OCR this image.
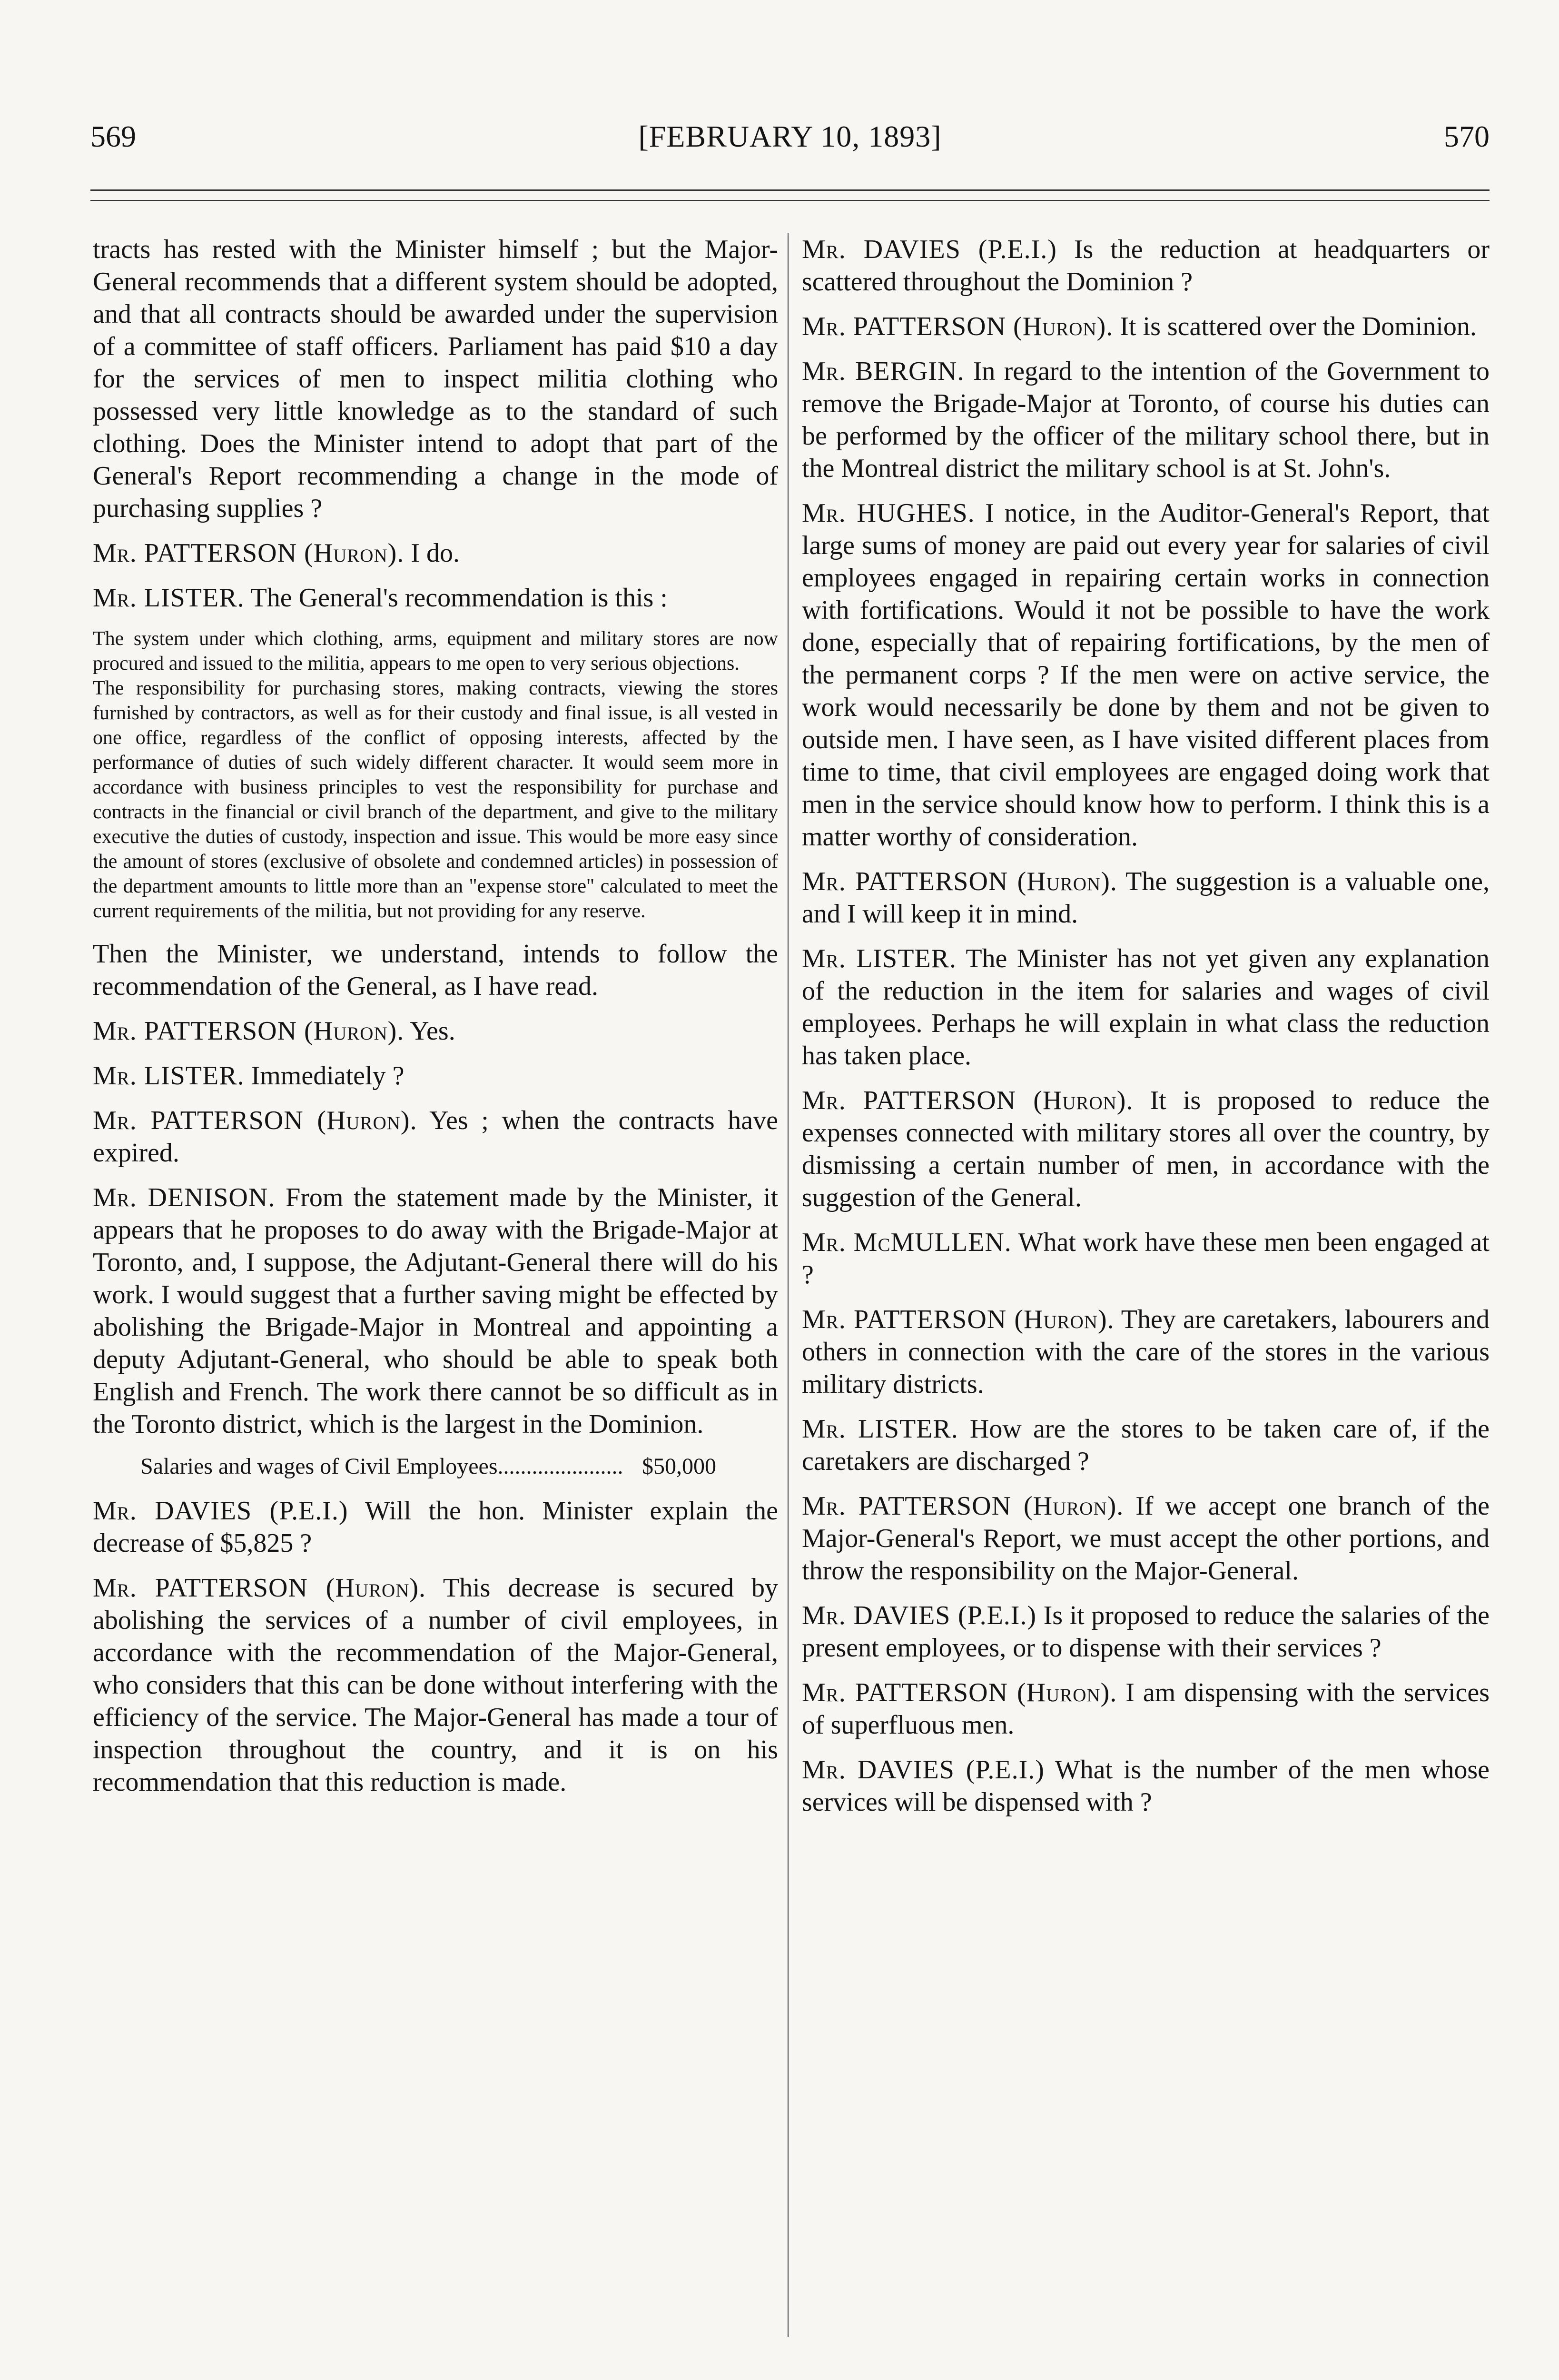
569	[FEBRUARY 10, 1893]	570

tracts has rested with the Minister himself ; but the Major-General recommends that a different system should be adopted, and that all contracts should be awarded under the supervision of a committee of staff officers. Parliament has paid $10 a day for the services of men to inspect militia clothing who possessed very little knowledge as to the standard of such clothing. Does the Minister intend to adopt that part of the General's Report recommending a change in the mode of purchasing supplies ?

Mr. PATTERSON (Huron). I do.

Mr. LISTER. The General's recommendation is this :

The system under which clothing, arms, equipment and military stores are now procured and issued to the militia, appears to me open to very serious objections.

The responsibility for purchasing stores, making contracts, viewing the stores furnished by contractors, as well as for their custody and final issue, is all vested in one office, regardless of the conflict of opposing interests, affected by the performance of duties of such widely different character. It would seem more in accordance with business principles to vest the responsibility for purchase and contracts in the financial or civil branch of the department, and give to the military executive the duties of custody, inspection and issue. This would be more easy since the amount of stores (exclusive of obsolete and condemned articles) in possession of the department amounts to little more than an "expense store" calculated to meet the current requirements of the militia, but not providing for any reserve.

Then the Minister, we understand, intends to follow the recommendation of the General, as I have read.

Mr. PATTERSON (Huron). Yes.

Mr. LISTER. Immediately ?

Mr. PATTERSON (Huron). Yes ; when the contracts have expired.

Mr. DENISON. From the statement made by the Minister, it appears that he proposes to do away with the Brigade-Major at Toronto, and, I suppose, the Adjutant-General there will do his work. I would suggest that a further saving might be effected by abolishing the Brigade-Major in Montreal and appointing a deputy Adjutant-General, who should be able to speak both English and French. The work there cannot be so difficult as in the Toronto district, which is the largest in the Dominion.

Salaries and wages of Civil Employees...................... $50,000

Mr. DAVIES (P.E.I.) Will the hon. Minister explain the decrease of $5,825 ?

Mr. PATTERSON (Huron). This decrease is secured by abolishing the services of a number of civil employees, in accordance with the recommendation of the Major-General, who considers that this can be done without interfering with the efficiency of the service. The Major-General has made a tour of inspection throughout the country, and it is on his recommendation that this reduction is made.

Mr. DAVIES (P.E.I.) Is the reduction at headquarters or scattered throughout the Dominion ?

Mr. PATTERSON (Huron). It is scattered over the Dominion.

Mr. BERGIN. In regard to the intention of the Government to remove the Brigade-Major at Toronto, of course his duties can be performed by the officer of the military school there, but in the Montreal district the military school is at St. John's.

Mr. HUGHES. I notice, in the Auditor-General's Report, that large sums of money are paid out every year for salaries of civil employees engaged in repairing certain works in connection with fortifications. Would it not be possible to have the work done, especially that of repairing fortifications, by the men of the permanent corps ? If the men were on active service, the work would necessarily be done by them and not be given to outside men. I have seen, as I have visited different places from time to time, that civil employees are engaged doing work that men in the service should know how to perform. I think this is a matter worthy of consideration.

Mr. PATTERSON (Huron). The suggestion is a valuable one, and I will keep it in mind.

Mr. LISTER. The Minister has not yet given any explanation of the reduction in the item for salaries and wages of civil employees. Perhaps he will explain in what class the reduction has taken place.

Mr. PATTERSON (Huron). It is proposed to reduce the expenses connected with military stores all over the country, by dismissing a certain number of men, in accordance with the suggestion of the General.

Mr. McMULLEN. What work have these men been engaged at ?

Mr. PATTERSON (Huron). They are caretakers, labourers and others in connection with the care of the stores in the various military districts.

Mr. LISTER. How are the stores to be taken care of, if the caretakers are discharged ?

Mr. PATTERSON (Huron). If we accept one branch of the Major-General's Report, we must accept the other portions, and throw the responsibility on the Major-General.

Mr. DAVIES (P.E.I.) Is it proposed to reduce the salaries of the present employees, or to dispense with their services ?

Mr. PATTERSON (Huron). I am dispensing with the services of superfluous men.

Mr. DAVIES (P.E.I.) What is the number of the men whose services will be dispensed with ?
